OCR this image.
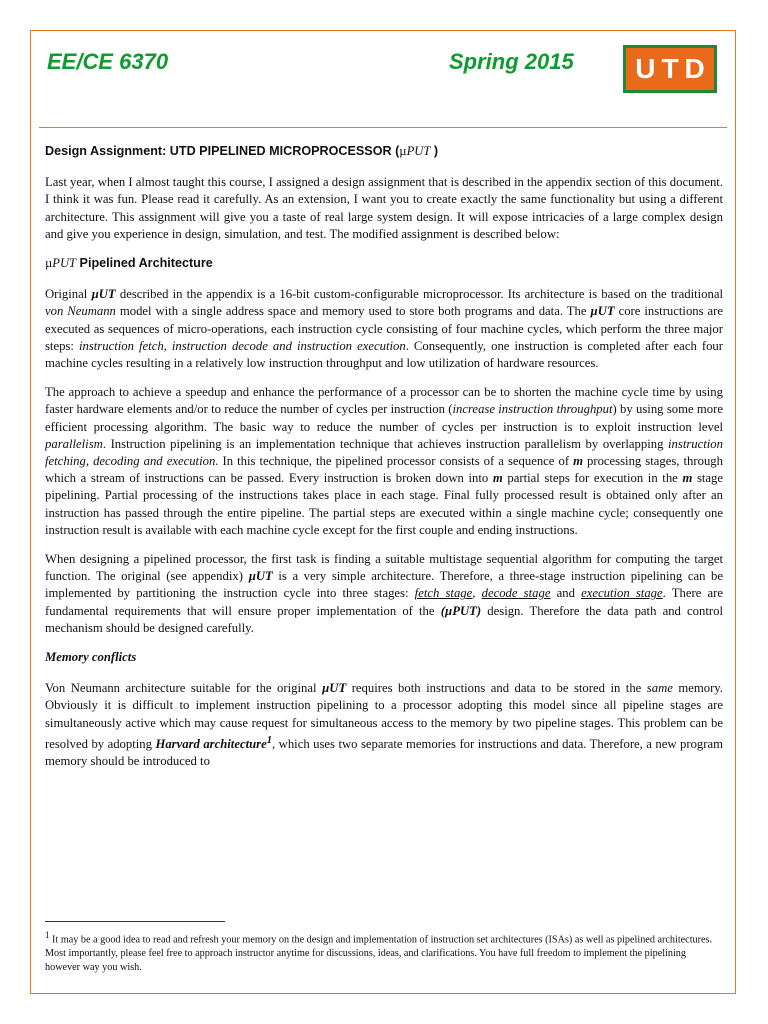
EE/CE 6370	Spring 2015	UTD
Design Assignment: UTD PIPELINED MICROPROCESSOR (µPUT )

Last year, when I almost taught this course, I assigned a design assignment that is described in the appendix section of this document. I think it was fun. Please read it carefully. As an extension, I want you to create exactly the same functionality but using a different architecture. This assignment will give you a taste of real large system design. It will expose intricacies of a large complex design and give you experience in design, simulation, and test. The modified assignment is described below:

µPUT Pipelined Architecture

Original µUT described in the appendix is a 16-bit custom-configurable microprocessor. Its architecture is based on the traditional von Neumann model with a single address space and memory used to store both programs and data. The µUT core instructions are executed as sequences of micro-operations, each instruction cycle consisting of four machine cycles, which perform the three major steps: instruction fetch, instruction decode and instruction execution. Consequently, one instruction is completed after each four machine cycles resulting in a relatively low instruction throughput and low utilization of hardware resources.

The approach to achieve a speedup and enhance the performance of a processor can be to shorten the machine cycle time by using faster hardware elements and/or to reduce the number of cycles per instruction (increase instruction throughput) by using some more efficient processing algorithm. The basic way to reduce the number of cycles per instruction is to exploit instruction level parallelism. Instruction pipelining is an implementation technique that achieves instruction parallelism by overlapping instruction fetching, decoding and execution. In this technique, the pipelined processor consists of a sequence of m processing stages, through which a stream of instructions can be passed. Every instruction is broken down into m partial steps for execution in the m stage pipelining. Partial processing of the instructions takes place in each stage. Final fully processed result is obtained only after an instruction has passed through the entire pipeline. The partial steps are executed within a single machine cycle; consequently one instruction result is available with each machine cycle except for the first couple and ending instructions.

When designing a pipelined processor, the first task is finding a suitable multistage sequential algorithm for computing the target function. The original (see appendix) µUT is a very simple architecture. Therefore, a three-stage instruction pipelining can be implemented by partitioning the instruction cycle into three stages: fetch stage, decode stage and execution stage. There are fundamental requirements that will ensure proper implementation of the (µPUT) design. Therefore the data path and control mechanism should be designed carefully.

Memory conflicts

Von Neumann architecture suitable for the original µUT requires both instructions and data to be stored in the same memory. Obviously it is difficult to implement instruction pipelining to a processor adopting this model since all pipeline stages are simultaneously active which may cause request for simultaneous access to the memory by two pipeline stages. This problem can be resolved by adopting Harvard architecture$^1$, which uses two separate memories for instructions and data. Therefore, a new program memory should be introduced to

$^1$ It may be a good idea to read and refresh your memory on the design and implementation of instruction set architectures (ISAs) as well as pipelined architectures. Most importantly, please feel free to approach instructor anytime for discussions, ideas, and clarifications. You have full freedom to implement the pipelining however way you wish.
